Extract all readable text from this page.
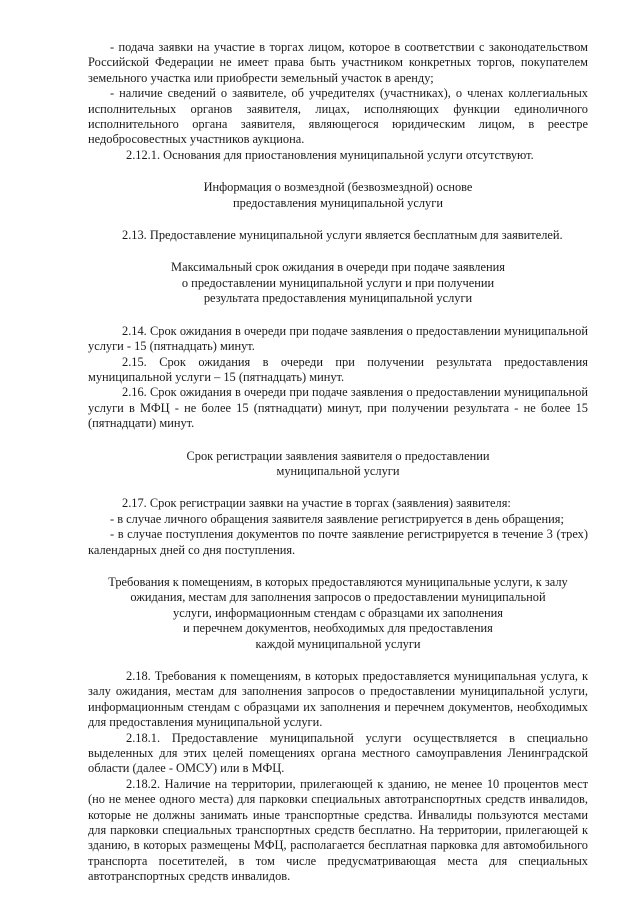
- подача заявки на участие в торгах лицом, которое в соответствии с законодательством Российской Федерации не имеет права быть участником конкретных торгов, покупателем земельного участка или приобрести земельный участок в аренду;

- наличие сведений о заявителе, об учредителях (участниках), о членах коллегиальных исполнительных органов заявителя, лицах, исполняющих функции единоличного исполнительного органа заявителя, являющегося юридическим лицом, в реестре недобросовестных участников аукциона.

2.12.1. Основания для приостановления муниципальной услуги отсутствуют.

Информация о возмездной (безвозмездной) основе

предоставления муниципальной услуги

2.13. Предоставление муниципальной услуги является бесплатным для заявителей.

Максимальный срок ожидания в очереди при подаче заявления

о предоставлении муниципальной услуги и при получении

результата предоставления муниципальной услуги

2.14. Срок ожидания в очереди при подаче заявления о предоставлении муниципальной услуги - 15 (пятнадцать) минут.

2.15. Срок ожидания в очереди при получении результата предоставления муниципальной услуги – 15 (пятнадцать) минут.

2.16. Срок ожидания в очереди при подаче заявления о предоставлении муниципальной услуги в МФЦ - не более 15 (пятнадцати) минут, при получении результата - не более 15 (пятнадцати) минут.

Срок регистрации заявления заявителя о предоставлении

муниципальной услуги

2.17. Срок регистрации заявки на участие в торгах (заявления) заявителя:

- в случае личного обращения заявителя заявление регистрируется в день обращения;

- в случае поступления документов по почте заявление регистрируется в течение 3 (трех) календарных дней со дня поступления.

Требования к помещениям, в которых предоставляются муниципальные услуги, к залу

ожидания, местам для заполнения запросов о предоставлении муниципальной

услуги, информационным стендам с образцами их заполнения

и перечнем документов, необходимых для предоставления

каждой муниципальной услуги

2.18. Требования к помещениям, в которых предоставляется муниципальная услуга, к залу ожидания, местам для заполнения запросов о предоставлении муниципальной услуги, информационным стендам с образцами их заполнения и перечнем документов, необходимых для предоставления муниципальной услуги.

2.18.1. Предоставление муниципальной услуги осуществляется в специально выделенных для этих целей помещениях органа местного самоуправления Ленинградской области (далее - ОМСУ) или в МФЦ.

2.18.2. Наличие на территории, прилегающей к зданию, не менее 10 процентов мест (но не менее одного места) для парковки специальных автотранспортных средств инвалидов, которые не должны занимать иные транспортные средства. Инвалиды пользуются местами для парковки специальных транспортных средств бесплатно. На территории, прилегающей к зданию, в которых размещены МФЦ, располагается бесплатная парковка для автомобильного транспорта посетителей, в том числе предусматривающая места для специальных автотранспортных средств инвалидов.
